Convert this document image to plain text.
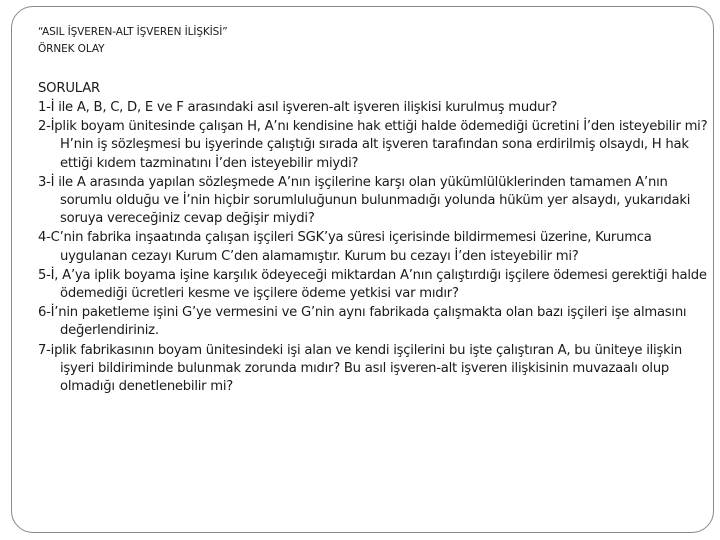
“ASIL İŞVEREN-ALT İŞVEREN İLİŞKİSİ”
ÖRNEK OLAY
SORULAR
1-İ ile A, B, C, D, E ve F arasındaki asıl işveren-alt işveren ilişkisi kurulmuş mudur?
2-İplik boyam ünitesinde çalışan H, A’nı kendisine hak ettiği halde ödemediği ücretini İ’den isteyebilir mi? H’nin iş sözleşmesi bu işyerinde çalıştığı sırada alt işveren tarafından sona erdirilmiş olsaydı, H hak ettiği kıdem tazminatını İ’den isteyebilir miydi?
3-İ ile A arasında yapılan sözleşmede A’nın işçilerine karşı olan yükümlülüklerinden tamamen A’nın sorumlu olduğu ve İ’nin hiçbir sorumluluğunun bulunmadığı yolunda hüküm yer alsaydı, yukarıdaki soruya vereceğiniz cevap değişir miydi?
4-C’nin fabrika inşaatında çalışan işçileri SGK’ya süresi içerisinde bildirmemesi üzerine, Kurumca uygulanan cezayı Kurum C’den alamamıştır. Kurum bu cezayı İ’den isteyebilir mi?
5-İ, A’ya iplik boyama işine karşılık ödeyeceği miktardan A’nın çalıştırdığı işçilere ödemesi gerektiği halde ödemediği ücretleri kesme ve işçilere ödeme yetkisi var mıdır?
6-İ’nin paketleme işini G’ye vermesini ve G’nin aynı fabrikada çalışmakta olan bazı işçileri işe almasını değerlendiriniz.
7-iplik fabrikasının boyam ünitesindeki işi alan ve kendi işçilerini bu işte çalıştıran A, bu üniteye ilişkin işyeri bildiriminde bulunmak zorunda mıdır? Bu asıl işveren-alt işveren ilişkisinin muvazaalı olup olmadığı denetlenebilir mi?
